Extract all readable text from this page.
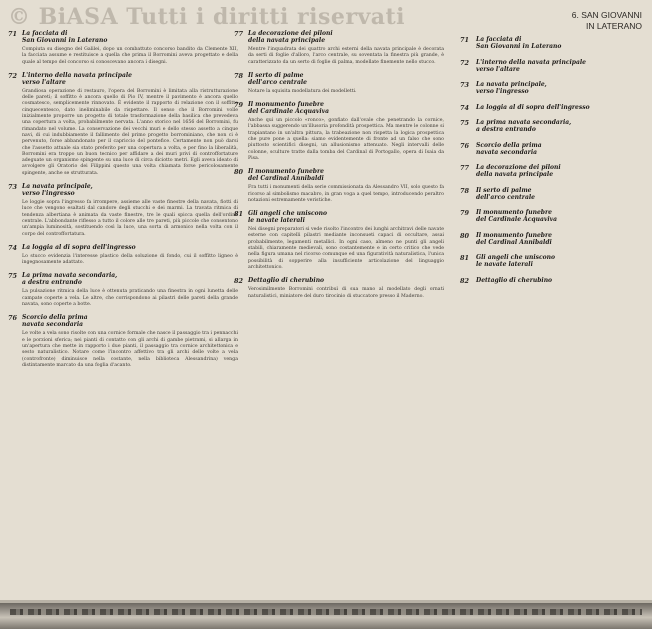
© BiASA Tutti i diritti riservati	6. SAN GIOVANNI
IN LATERANO
71 La facciata di
San Giovanni in Laterano
Compiuta su disegno del Galilei, dopo un combattuto concorso bandito da Clemente XII, la facciata assume e restituisce a quella che prima il Borromini aveva progettato e della quale al tempo del concorso si conoscevano ancora i disegni.
72 L'interno della navata principale
verso l'altare
Grandiosa operazione di restauro, l'opera del Borromini è limitata alla ristrutturazione delle pareti; il soffitto è ancora quello di Pio IV, mentre il pavimento è ancora quello cosmatesco, semplicemente rinnovato. È evidente il rapporto di relazione con il soffitto cinquecentesco, dato ineliminabile da rispettare. Il senso che il Borromini volle inizialmente proporre un progetto di totale trasformazione della basilica che prevedeva una copertura a volta, probabilmente nervata. L'anno storico nel 1656 del Borromini, fu rimandato nel volume. La conservazione dei vecchi muri e dello stesso assetto a cinque navi, di cui indubbiamente il fallimento del primo progetto borrominiano, che non ci è pervenuto, forse abbandonato per il capriccio del pontefice. Certamente non può darsi che l'assetto attuale sia stato preferito per una copertura a volta, e per fino la liberalità, Borromini era troppo un buon tecnico per affidare a dei muri privi di controffortature adeguate un organismo spingente su una luce di circa diciotto metri. Egli aveva ideato di avvolgere gli Oratorio dei Filippini questo una volta chiamata forse pericolosamente spingente, anche se strutturata.
73 La navata principale,
verso l'ingresso
Le loggie sopra l'ingresso fa irrompere, assieme alle vaste finestre della navata, fiotti di luce che vengono esaltati dal candore degli stucchi e dei marmi. La travata ritmica di tendenza albertiana è animata da vaste finestre, tre le quali spicca quella dell'ordine centrale. L'abbondante riflesso a tutto il colore alle tre pareti, più piccole che consentono un'ampia luminosità, sostituendo così la luce, una sorta di armonico nella volta con il corpo del controffortatura.
74 La loggia al di sopra dell'ingresso
Lo stucco evidenzia l'interesse plastico della soluzione di fondo, cui il soffitto ligneo è ingegnosamente adattato.
75 La prima navata secondaria,
a destra entrando
La pulsazione ritmica della luce è ottenuta praticando una finestra in ogni lunetta delle campate coperte a vela. Le altre, che corrispondono ai pilastri delle pareti della grande navata, sono coperte a botte.
76 Scorcio della prima
navata secondaria
Le volte a vela sono risolte con una cornice formale che nasce il passaggio tra i pennacchi e le porzioni sferica; nei pianti di contatto con gli archi di gambe pietrami, si allarga in un'apertura che mette in rapporto i due pianti, il passaggio tra cornice architettonica e sesto naturalistico. Notare come l'incontro affettivo tra gli archi delle volte a vela (controfronte) diminuisce nella costante, nella biblioteca Alessandrina) venga distintamente marcato da una foglia d'acanto.
77 La decorazione dei piloni
della navata principale
Mentre l'inquadrata dei quattro archi esterni della navata principale è decorata da serti di foglie d'alloro, l'arco centrale, su soventata la finestra più grande, è caratterizzato da un serto di foglie di palma, modellate finemente nello stucco.
78 Il serto di palme
dell'arco centrale
Notare la squisita modellatura dei modelletti.
79 Il monumento funebre
del Cardinale Acquaviva
Anche qui un piccolo «ronco», gonfiato dall'ovale che penetrando la cornice, l'abbassa suggerendo un'illusoria profondità prospettica. Ma mentre le colonne si trapiantano in un'altra pittura, la trabeazione non rispetta la logica prospettica che pure pone a quella: siamo evidentemente di fronte ad un falso che sono piuttosto scientifici disegni, un allusionismo attenuato. Negli intervalli delle colonne, sculture tratte dalla tomba del Cardinal di Portogallo, opera di Isaia da Pisa.
80 Il monumento funebre
del Cardinal Annibaldi
Fra tutti i monumenti della serie commissionata da Alessandro VII, solo questo fa ricorso al simbolismo macabro, in gran voga a quel tempo, introducendo peraltro notazioni estremamente veristiche.
81 Gli angeli che uniscono
le navate laterali
Nei disegni preparatori si vede risolto l'incontro dei lunghi architravi delle navate esterne con capitelli pilastri mediante inconsueti capaci di occultare, assai probabilmente, legamenti metallici. In ogni caso, almeno ne punti gli angeli stabili, chiaramente medievali, sono costantemente e in certo critico che vede nella figura umana nel ricorso comunque ed una figuratività naturalistica, l'unica possibilità di sopperire alla insufficiente articolazione del linguaggio architettonico.
82 Dettaglio di cherubino
Verosimilmente Borromini contribuì di sua mano al modellato degli ornati naturalistici, miniatore del duro tirocinio di stuccatore presso il Maderno.
71 La facciata di
San Giovanni in Laterano
72 L'interno della navata principale
verso l'altare
73 La navata principale,
verso l'ingresso
74 La loggia al di sopra dell'ingresso
75 La prima navata secondaria,
a destra entrando
76 Scorcio della prima
navata secondaria
77 La decorazione dei piloni
della navata principale
78 Il serto di palme
dell'arco centrale
79 Il monumento funebre
del Cardinale Acquaviva
80 Il monumento funebre
del Cardinal Annibaldi
81 Gli angeli che uniscono
le navate laterali
82 Dettaglio di cherubino
